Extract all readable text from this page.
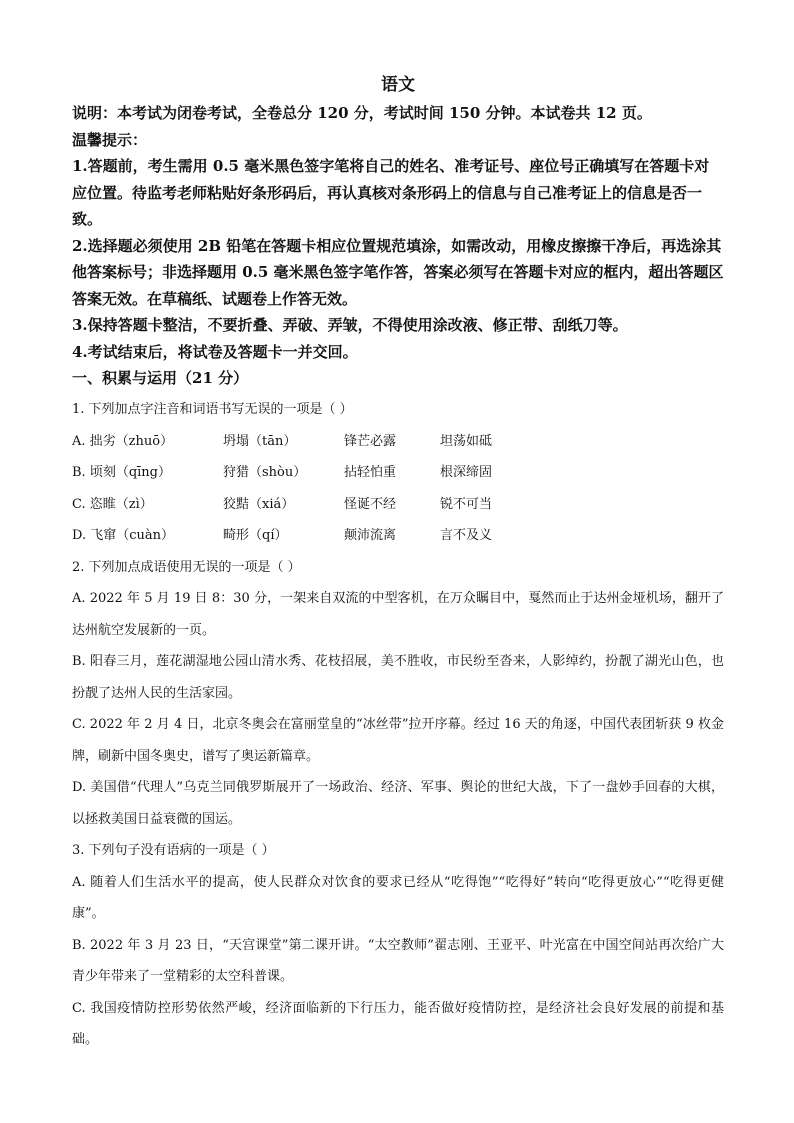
语文

说明：本考试为闭卷考试，全卷总分 120 分，考试时间 150 分钟。本试卷共 12 页。

温馨提示：

1.答题前，考生需用 0.5 毫米黑色签字笔将自己的姓名、准考证号、座位号正确填写在答题卡对应位置。待监考老师粘贴好条形码后，再认真核对条形码上的信息与自己准考证上的信息是否一致。

2.选择题必须使用 2B 铅笔在答题卡相应位置规范填涂，如需改动，用橡皮擦擦干净后，再选涂其他答案标号；非选择题用 0.5 毫米黑色签字笔作答，答案必须写在答题卡对应的框内，超出答题区答案无效。在草稿纸、试题卷上作答无效。

3.保持答题卡整洁，不要折叠、弄破、弄皱，不得使用涂改液、修正带、刮纸刀等。

4.考试结束后，将试卷及答题卡一并交回。

一、积累与运用（21 分）

1. 下列加点字注音和词语书写无误的一项是（ ）

A. 拙劣（zhuō）	坍塌（tān）	锋芒必露	坦荡如砥
B. 顷刻（qīng）	狩猎（shòu）	拈轻怕重	根深缔固
C. 恣睢（zì）	狡黠（xiá）	怪诞不经	锐不可当
D. 飞窜（cuàn）	畸形（qí）	颠沛流离	言不及义

2. 下列加点成语使用无误的一项是（ ）

A. 2022 年 5 月 19 日 8：30 分，一架来自双流的中型客机，在万众瞩目中，戛然而止于达州金垭机场，翻开了达州航空发展新的一页。

B. 阳春三月，莲花湖湿地公园山清水秀、花枝招展，美不胜收，市民纷至沓来，人影绰约，扮靓了湖光山色，也扮靓了达州人民的生活家园。

C. 2022 年 2 月 4 日，北京冬奥会在富丽堂皇的“冰丝带”拉开序幕。经过 16 天的角逐，中国代表团斩获 9 枚金牌，刷新中国冬奥史，谱写了奥运新篇章。

D. 美国借“代理人”乌克兰同俄罗斯展开了一场政治、经济、军事、舆论的世纪大战，下了一盘妙手回春的大棋，以拯救美国日益衰微的国运。

3. 下列句子没有语病的一项是（ ）

A. 随着人们生活水平的提高，使人民群众对饮食的要求已经从“吃得饱”“吃得好”转向“吃得更放心”“吃得更健康”。

B. 2022 年 3 月 23 日，“天宫课堂”第二课开讲。“太空教师”翟志刚、王亚平、叶光富在中国空间站再次给广大青少年带来了一堂精彩的太空科普课。

C. 我国疫情防控形势依然严峻，经济面临新的下行压力，能否做好疫情防控，是经济社会良好发展的前提和基础。
